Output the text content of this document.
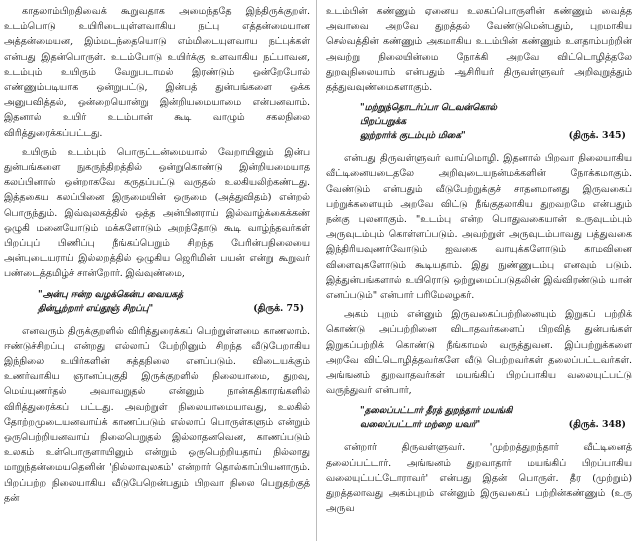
காதலாம்பிறதிவைக் கூறுவதாக அமைந்ததே இந்திருக்குறள். உடம்பொடு உயிரிடையுள்ளவாகிய நட்பு எத்தன்மையான அத்தன்மையன, இம்மடந்தையொடு எம்மிடையுளவாய நட்புக்கள் என்பது இதன்பொருள். உடம்போடு உயிர்க்கு உளவாகிய நட்பாவன, உடம்பும் உயிரும் வேறுபடாமல் இரண்டும் ஒன்றேபோல் எண்ணும்படியாக ஒன்றுபட்டு, இன்பத் துன்பங்களை ஒக்க அனுபவித்தல், ஒன்றையொன்று இன்றியமையாமை என்பனவாம். இதனால் உயிர் உடம்பான் கூடி வாழும் சகலநிலை விரித்துரைக்கப்பட்டது.

உயிரும் உடம்பும் பொருட்டன்மையால் வேறாயினும் இன்ப துன்பங்களை நுகருந்திறத்தில் ஒன்றுகொண்டு இன்றியமையாத கலப்பினால் ஒன்றாகவே கருதப்பட்டு வருதல் உலகியலிற்கண்டது. இத்தகைய கலப்பினை இருமையின் ஒருமை (அத்துவிதம்) என்றல் பொருந்தும். இவ்வுலகத்தில் ஒத்த அன்பினராய் இல்வாழ்க்கைக்கண் ஒழுகி மனையோடும் மக்களோடும் அறந்தோடு கூடி வாழ்ந்தவர்கள் பிறப்புப் பிணிப்பு நீங்கப்பெறும் சிறந்த பேரின்பநிலையை அன்புடையராய் இல்லறத்தில் ஒழுகிய ஜெரிமின் பயன் என்று கூறுவர் பண்டைத்தமிழ்ச் சான்றோர். இவ்வுண்மை,

"அன்பு ஈன்ற வழக்கென்ப வையகத்
தின்பூற்றார் எய்தூஞ் சிறப்பு"	(திருக். 75)

எனவரும் திருக்குறளில் விரித்துரைக்கப் பெற்றுள்ளமை காணலாம். ஈண்டுச்சிறப்பு என்றது எல்லாப் பேற்றினும் சிறந்த வீடுபேறாகிய இந்நிலை உயிர்களின் சுத்தநிலை எனப்படும். விடையக்கும் உணர்வாகிய ஞானப்புகுதி இருக்குறளில் நிலையாமை, துறவு, மெய்யுணர்தல் அவாவறுதல் என்னும் நான்கதிகாரங்களில் விரித்துரைக்கப் பட்டது. அவற்றுள் நிலையாமையாவது, உலகில் தோற்றமுடையனவாய்க் காணப்படும் எல்லாப் பொருள்களும் என்றும் ஒருபெற்றியனவாய் நிலைபெறுதல் இல்லாதனவென, காணப்படும் உலகம் உள்பொருளாயினும் என்றும் ஒருபெற்றியதாய் நில்லாது மாறுந்தன்மையதெனின் 'நில்லாவுலகம்' என்றார் தொல்காப்பியனாரும். பிறப்பற்ற நிலையாகிய வீடுபேறென்பதும் பிறவா நிலை பெறுதற்குத் தன்

உடம்பின் கண்ணும் ஏனைய உலகப்பொருளின் கண்ணும் வைத்த அவாவை அறவே துறத்தல் வேண்டுமென்பதும், புறமாகிய செல்வத்தின் கண்ணும் அகமாகிய உடம்பின் கண்ணும் உளதாம்பற்றின் அவற்று நிலையின்மை நோக்கி அறவே விட்டொழித்தலே துறவுநிலையாம் என்பதும் ஆசிரியர் திருவள்ளுவர் அறிவுறுத்தும் தத்துவவுண்மைகளாகும்.

"மற்றுந்தொடர்ப்பா டெவன்கொல் பிறப்பறுக்க
லுற்றார்க் குடம்பும் மிகை"	(திருக். 345)

என்பது திருவள்ளுவர் வாய்மொழி. இதனால் பிறவா நிலையாகிய வீட்டினையடைதலே அறிவுடையநன்மக்களின் நோக்கமாகும். வேண்டும் என்பதும் வீடுபேற்றுக்குச் சாதனமானது இருவகைப் பற்றுக்களையும் அறவே விட்டு நீங்குதலாகிய துறவறமே என்பதும் நன்கு புலனாகும். "உடம்பு என்ற பொதுவகையான் உருவுடம்பும் அருவுடம்பும் கொள்ளப்படும். அவற்றுள் அருவுடம்பாவது பத்துவகை இந்திரியவுணர்வோடும் ஐவகை வாயுக்களோடும் காமவினை விளைவுகளோடும் கூடியதாம். இது நுண்ணுடம்பு எனவும் படும். இத்துன்பங்களால் உயிரொடு ஒற்றுமைப்படுதலின் இவ்விரண்டும் யான் எனப்படும்" என்பார் பரிமேலழகர்.

அகம் புறம் என்னும் இருவகைப்பற்றினையும் இறுகப் பற்றிக் கொண்டு அப்பற்றினை விடாதவர்களைப் பிறவித் துன்பங்கள் இறுகப்பற்றிக் கொண்டு நீங்காமல் வருத்துவன. இப்பற்றுக்களை அறவே விட்டொழித்தவர்களே வீடு பெற்றவர்கள் தலைப்பட்டவர்கள். அங்ஙனம் துறவாதவர்கள் மயங்கிப் பிறப்பாகிய வலையுட்பட்டு வருந்துவர் என்பார்,

"தலைப்பட்டார் தீரத் துறந்தார் மயங்கி
வலைப்பட்டார் மற்றை யவர்"	(திருக். 348)

என்றார் திருவள்ளுவர். 'முற்றத்துறந்தார் வீட்டினைத் தலைப்பட்டார். அங்ஙனம் துறவாதார் மயங்கிப் பிறப்பாகிய வலையுட்பட்டோராவர்' என்பது இதன் பொருள். தீர (முற்றும்) துறத்தலாவது அகம்புறம் என்னும் இருவகைப் பற்றின்கண்ணும் (உரு அருவ
